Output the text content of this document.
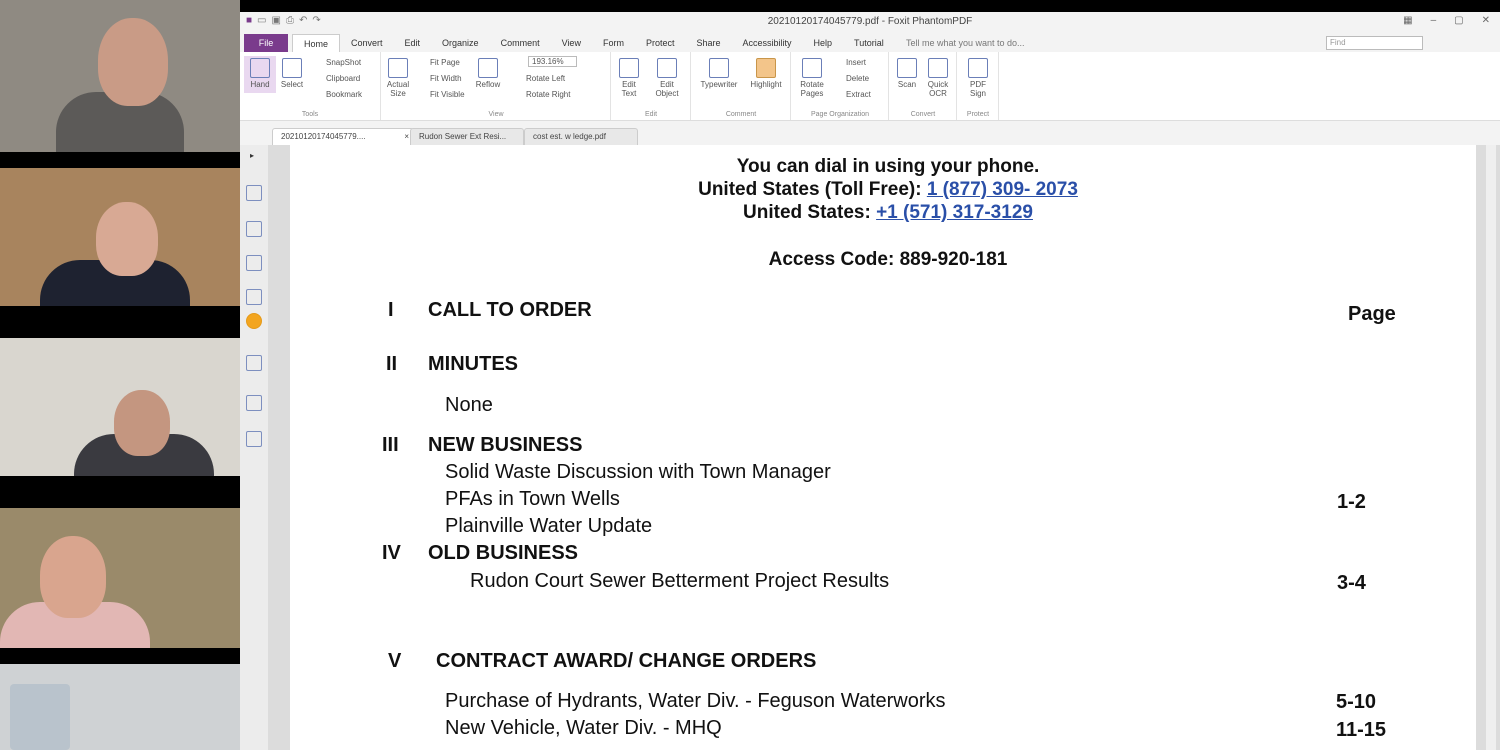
■ ▭ ▣ ⎙ ↶ ↷	20210120174045779.pdf - Foxit PhantomPDF	▦ – ▢ ✕
File	Home	Convert	Edit	Organize	Comment	View	Form	Protect	Share	Accessibility	Help	Tutorial	Tell me what you want to do...	Find
Hand	Select
SnapShot
Clipboard
Bookmark
Tools
Actual Size
Fit Page
Fit Width
Fit Visible
Reflow
193.16%
Rotate Left
Rotate Right
View
Edit Text
Edit Object
Edit
Typewriter	Highlight
Comment
Rotate Pages
Insert
Delete
Extract
Page Organization
Scan	Quick OCR
Convert
PDF Sign
Protect
20210120174045779....	×	Rudon Sewer Ext Resi...	cost est. w ledge.pdf
▸
You can dial in using your phone.
United States (Toll Free): 1 (877) 309- 2073
United States: +1 (571) 317-3129
Access Code: 889-920-181
I CALL TO ORDER	Page
II MINUTES
None
III NEW BUSINESS
Solid Waste Discussion with Town Manager
PFAs in Town Wells	1-2
Plainville Water Update
IV OLD BUSINESS
Rudon Court Sewer Betterment Project Results	3-4
V CONTRACT AWARD/ CHANGE ORDERS
Purchase of Hydrants, Water Div. - Feguson Waterworks	5-10
New Vehicle, Water Div. - MHQ	11-15
